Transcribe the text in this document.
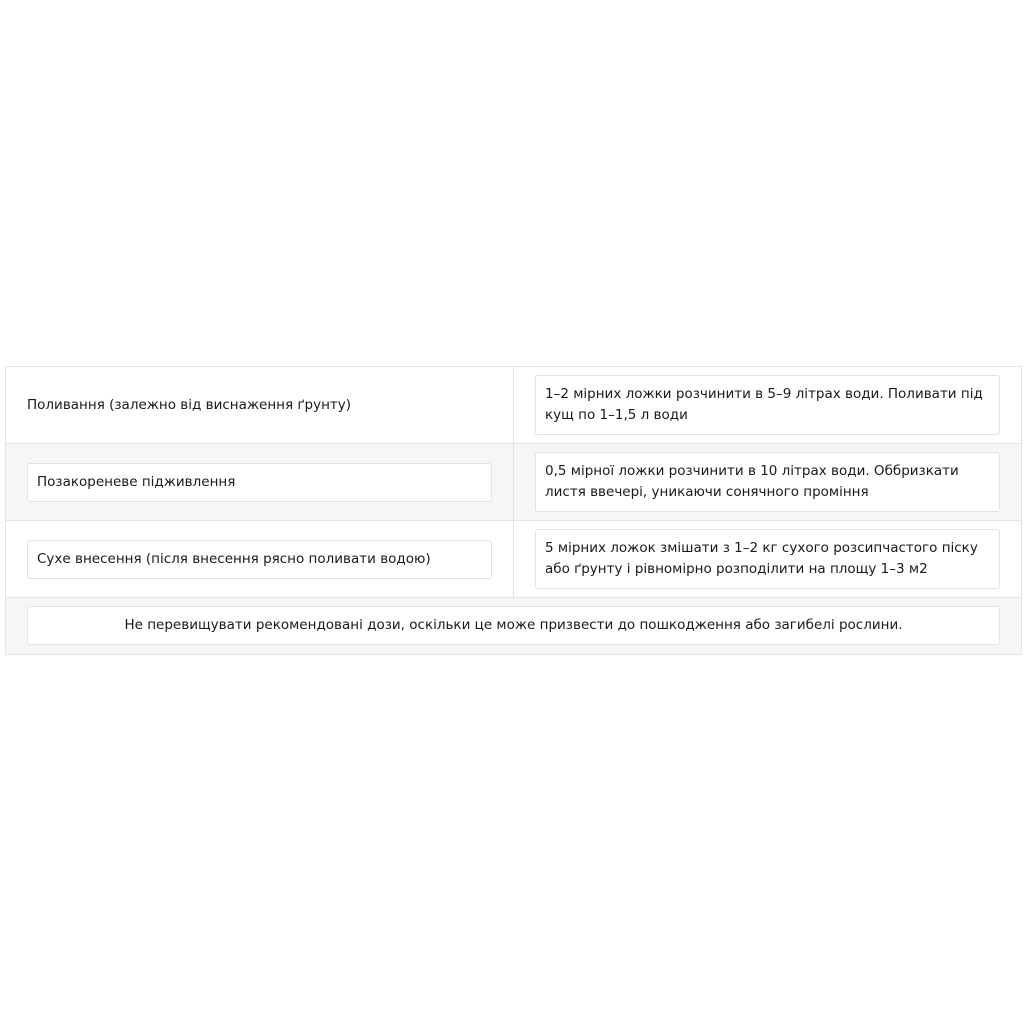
Поливання (залежно від виснаження ґрунту)
1–2 мірних ложки розчинити в 5–9 літрах води. Поливати під кущ по 1–1,5 л води
Позакореневе підживлення
0,5 мірної ложки розчинити в 10 літрах води. Оббризкати листя ввечері, уникаючи сонячного проміння
Сухе внесення (після внесення рясно поливати водою)
5 мірних ложок змішати з 1–2 кг сухого розсипчастого піску або ґрунту і рівномірно розподілити на площу 1–3 м2
Не перевищувати рекомендовані дози, оскільки це може призвести до пошкодження або загибелі рослини.
